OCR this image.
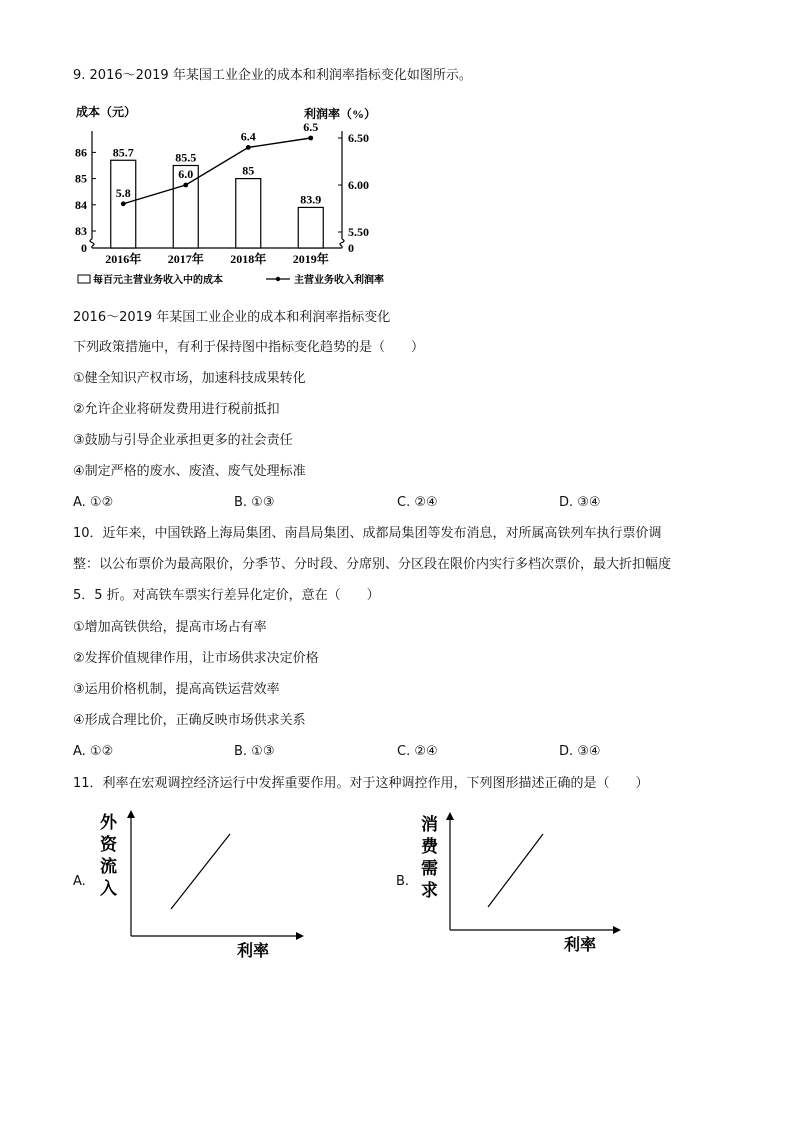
9. 2016～2019 年某国工业企业的成本和利润率指标变化如图所示。
成本（元）	利润率（%）
0
83
84
85
86
0
5.50
6.00
6.50
85.7
2016年
85.5
2017年
85
2018年
83.9
2019年
5.8
6.0
6.4
6.5
每百元主营业务收入中的成本	主营业务收入利润率
2016～2019 年某国工业企业的成本和利润率指标变化
下列政策措施中，有利于保持图中指标变化趋势的是（　　）
①健全知识产权市场，加速科技成果转化
②允许企业将研发费用进行税前抵扣
③鼓励与引导企业承担更多的社会责任
④制定严格的废水、废渣、废气处理标准
A. ①②	B. ①③	C. ②④	D. ③④
10．近年来，中国铁路上海局集团、南昌局集团、成都局集团等发布消息，对所属高铁列车执行票价调
整：以公布票价为最高限价，分季节、分时段、分席别、分区段在限价内实行多档次票价，最大折扣幅度
5．5 折。对高铁车票实行差异化定价，意在（　　）
①增加高铁供给，提高市场占有率
②发挥价值规律作用，让市场供求决定价格
③运用价格机制，提高高铁运营效率
④形成合理比价，正确反映市场供求关系
A. ①②	B. ①③	C. ②④	D. ③④
11．利率在宏观调控经济运行中发挥重要作用。对于这种调控作用，下列图形描述正确的是（　　）
A.
外
资
流
入
利率
B.
消
费
需
求
利率
